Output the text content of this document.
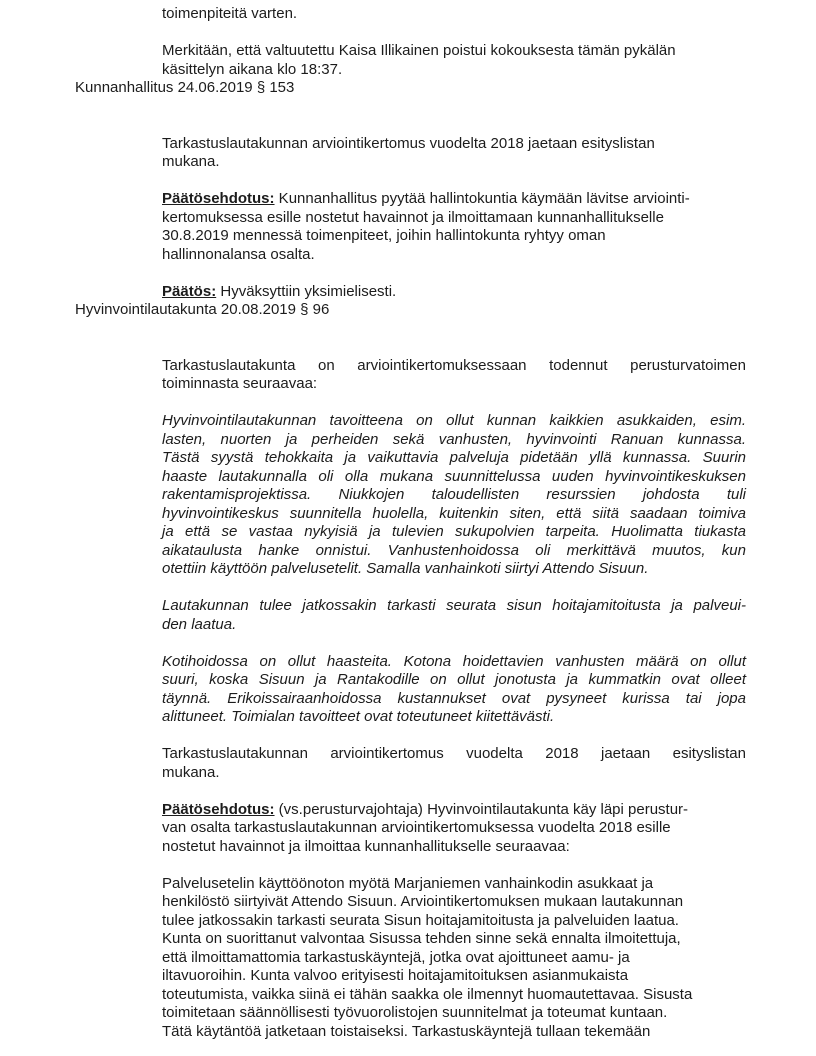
toimenpiteitä varten.
Merkitään, että valtuutettu Kaisa Illikainen poistui kokouksesta tämän pykälän
käsittelyn aikana klo 18:37.
Kunnanhallitus 24.06.2019 § 153
Tarkastuslautakunnan arviointikertomus vuodelta 2018 jaetaan esityslistan
mukana.
Päätösehdotus: Kunnanhallitus pyytää hallintokuntia käymään lävitse arviointi-
kertomuksessa esille nostetut havainnot ja ilmoittamaan kunnanhallitukselle
30.8.2019 mennessä toimenpiteet, joihin hallintokunta ryhtyy oman
hallinnonalansa osalta.
Päätös: Hyväksyttiin yksimielisesti.
Hyvinvointilautakunta 20.08.2019 § 96
Tarkastuslautakunta on arviointikertomuksessaan todennut perusturvatoimen
toiminnasta seuraavaa:
Hyvinvointilautakunnan tavoitteena on ollut kunnan kaikkien asukkaiden, esim.
lasten, nuorten ja perheiden sekä vanhusten, hyvinvointi Ranuan kunnassa.
Tästä syystä tehokkaita ja vaikuttavia palveluja pidetään yllä kunnassa. Suurin
haaste lautakunnalla oli olla mukana suunnittelussa uuden hyvinvointikeskuksen
rakentamisprojektissa. Niukkojen taloudellisten resurssien johdosta tuli
hyvinvointikeskus suunnitella huolella, kuitenkin siten, että siitä saadaan toimiva
ja että se vastaa nykyisiä ja tulevien sukupolvien tarpeita. Huolimatta tiukasta
aikataulusta hanke onnistui. Vanhustenhoidossa oli merkittävä muutos, kun
otettiin käyttöön palvelusetelit. Samalla vanhainkoti siirtyi Attendo Sisuun.
Lautakunnan tulee jatkossakin tarkasti seurata sisun hoitajamitoitusta ja palveui-
den laatua.
Kotihoidossa on ollut haasteita. Kotona hoidettavien vanhusten määrä on ollut
suuri, koska Sisuun ja Rantakodille on ollut jonotusta ja kummatkin ovat olleet
täynnä. Erikoissairaanhoidossa kustannukset ovat pysyneet kurissa tai jopa
alittuneet. Toimialan tavoitteet ovat toteutuneet kiitettävästi.
Tarkastuslautakunnan arviointikertomus vuodelta 2018 jaetaan esityslistan
mukana.
Päätösehdotus: (vs.perusturvajohtaja) Hyvinvointilautakunta käy läpi perustur-
van osalta tarkastuslautakunnan arviointikertomuksessa vuodelta 2018 esille
nostetut havainnot ja ilmoittaa kunnanhallitukselle seuraavaa:
Palvelusetelin käyttöönoton myötä Marjaniemen vanhainkodin asukkaat ja
henkilöstö siirtyivät Attendo Sisuun. Arviointikertomuksen mukaan lautakunnan
tulee jatkossakin tarkasti seurata Sisun hoitajamitoitusta ja palveluiden laatua.
Kunta on suorittanut valvontaa Sisussa tehden sinne sekä ennalta ilmoitettuja,
että ilmoittamattomia tarkastuskäyntejä, jotka ovat ajoittuneet aamu- ja
iltavuoroihin. Kunta valvoo erityisesti hoitajamitoituksen asianmukaista
toteutumista, vaikka siinä ei tähän saakka ole ilmennyt huomautettavaa. Sisusta
toimitetaan säännöllisesti työvuorolistojen suunnitelmat ja toteumat kuntaan.
Tätä käytäntöä jatketaan toistaiseksi. Tarkastuskäyntejä tullaan tekemään
